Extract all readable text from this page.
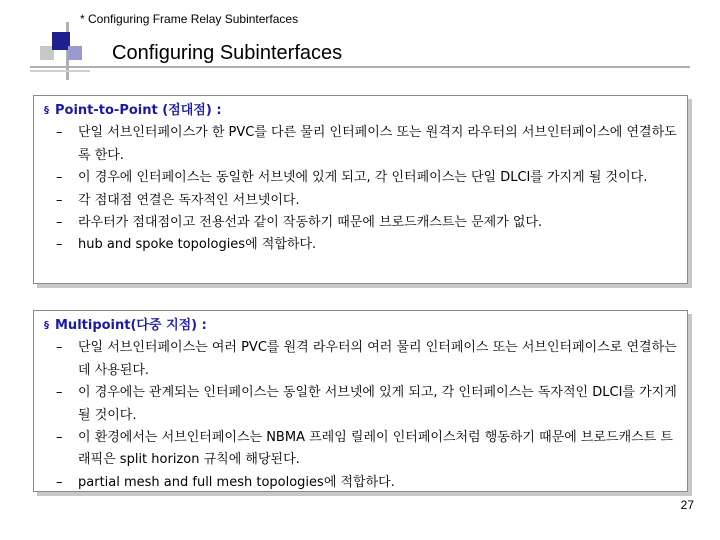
* Configuring Frame Relay Subinterfaces
Configuring Subinterfaces
§ Point-to-Point (점대점) :
– 단일 서브인터페이스가 한 PVC를 다른 물리 인터페이스 또는 원격지 라우터의 서브인터페이스에 연결하도록 한다.
– 이 경우에 인터페이스는 동일한 서브넷에 있게 되고, 각 인터페이스는 단일 DLCI를 가지게 될 것이다.
– 각 점대점 연결은 독자적인 서브넷이다.
– 라우터가 점대점이고 전용선과 같이 작동하기 때문에 브로드캐스트는 문제가 없다.
– hub and spoke topologies에 적합하다.
§ Multipoint(다중 지점) :
– 단일 서브인터페이스는 여러 PVC를 원격 라우터의 여러 물리 인터페이스 또는 서브인터페이스로 연결하는 데 사용된다.
– 이 경우에는 관계되는 인터페이스는 동일한 서브넷에 있게 되고, 각 인터페이스는 독자적인 DLCI를 가지게 될 것이다.
– 이 환경에서는 서브인터페이스는 NBMA 프레임 릴레이 인터페이스처럼 행동하기 때문에 브로드캐스트 트래픽은 split horizon 규칙에 해당된다.
– partial mesh and full mesh topologies에 적합하다.
27
